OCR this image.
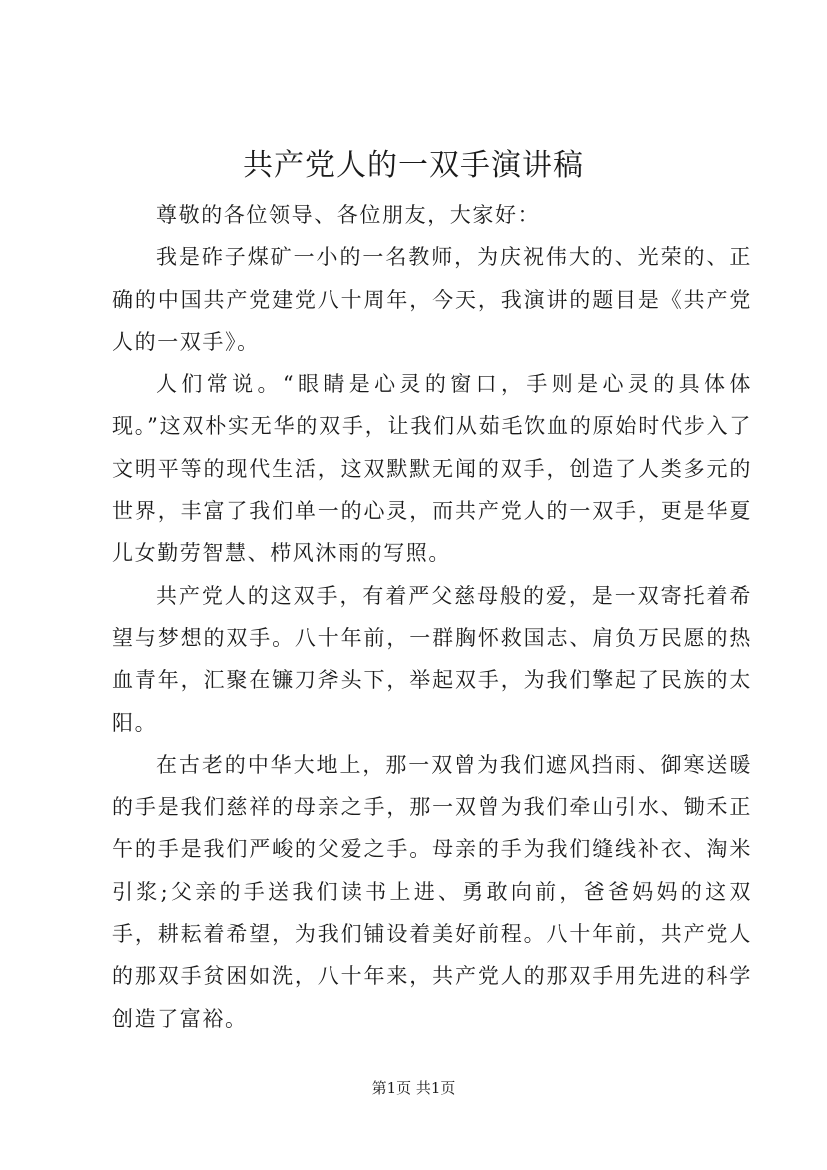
共产党人的一双手演讲稿

尊敬的各位领导、各位朋友，大家好：

我是砟子煤矿一小的一名教师，为庆祝伟大的、光荣的、正确的中国共产党建党八十周年，今天，我演讲的题目是《共产党人的一双手》。

人们常说。“眼睛是心灵的窗口，手则是心灵的具体体现。”这双朴实无华的双手，让我们从茹毛饮血的原始时代步入了文明平等的现代生活，这双默默无闻的双手，创造了人类多元的世界，丰富了我们单一的心灵，而共产党人的一双手，更是华夏儿女勤劳智慧、栉风沐雨的写照。

共产党人的这双手，有着严父慈母般的爱，是一双寄托着希望与梦想的双手。八十年前，一群胸怀救国志、肩负万民愿的热血青年，汇聚在镰刀斧头下，举起双手，为我们擎起了民族的太阳。

在古老的中华大地上，那一双曾为我们遮风挡雨、御寒送暖的手是我们慈祥的母亲之手，那一双曾为我们牵山引水、锄禾正午的手是我们严峻的父爱之手。母亲的手为我们缝线补衣、淘米引浆;父亲的手送我们读书上进、勇敢向前，爸爸妈妈的这双手，耕耘着希望，为我们铺设着美好前程。八十年前，共产党人的那双手贫困如洗，八十年来，共产党人的那双手用先进的科学创造了富裕。

第1页 共1页
